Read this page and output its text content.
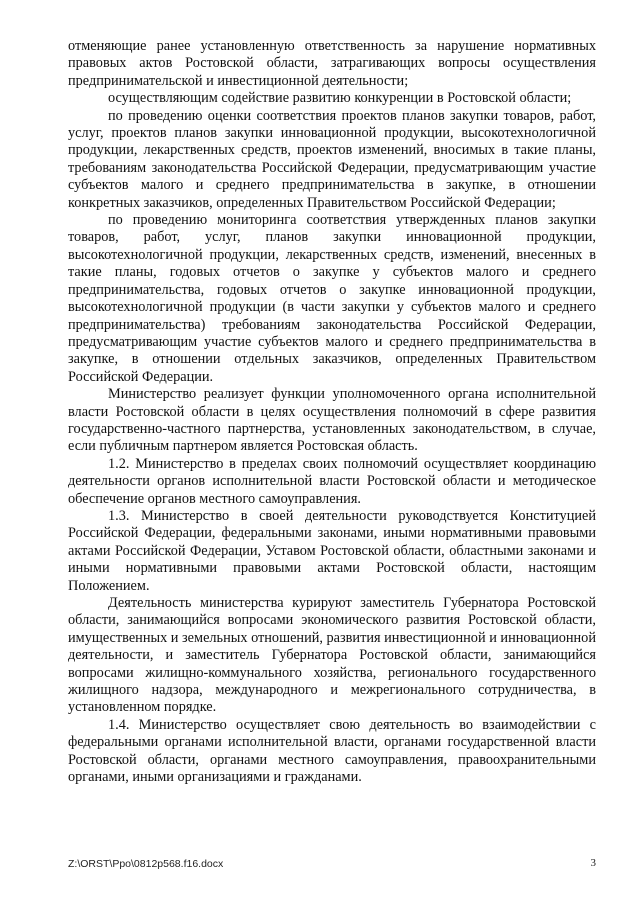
отменяющие ранее установленную ответственность за нарушение нормативных правовых актов Ростовской области, затрагивающих вопросы осуществления предпринимательской и инвестиционной деятельности;

осуществляющим содействие развитию конкуренции в Ростовской области;

по проведению оценки соответствия проектов планов закупки товаров, работ, услуг, проектов планов закупки инновационной продукции, высокотехнологичной продукции, лекарственных средств, проектов изменений, вносимых в такие планы, требованиям законодательства Российской Федерации, предусматривающим участие субъектов малого и среднего предпринимательства в закупке, в отношении конкретных заказчиков, определенных Правительством Российской Федерации;

по проведению мониторинга соответствия утвержденных планов закупки товаров, работ, услуг, планов закупки инновационной продукции, высокотехнологичной продукции, лекарственных средств, изменений, внесенных в такие планы, годовых отчетов о закупке у субъектов малого и среднего предпринимательства, годовых отчетов о закупке инновационной продукции, высокотехнологичной продукции (в части закупки у субъектов малого и среднего предпринимательства) требованиям законодательства Российской Федерации, предусматривающим участие субъектов малого и среднего предпринимательства в закупке, в отношении отдельных заказчиков, определенных Правительством Российской Федерации.

Министерство реализует функции уполномоченного органа исполнительной власти Ростовской области в целях осуществления полномочий в сфере развития государственно-частного партнерства, установленных законодательством, в случае, если публичным партнером является Ростовская область.

1.2. Министерство в пределах своих полномочий осуществляет координацию деятельности органов исполнительной власти Ростовской области и методическое обеспечение органов местного самоуправления.

1.3. Министерство в своей деятельности руководствуется Конституцией Российской Федерации, федеральными законами, иными нормативными правовыми актами Российской Федерации, Уставом Ростовской области, областными законами и иными нормативными правовыми актами Ростовской области, настоящим Положением.

Деятельность министерства курируют заместитель Губернатора Ростовской области, занимающийся вопросами экономического развития Ростовской области, имущественных и земельных отношений, развития инвестиционной и инновационной деятельности, и заместитель Губернатора Ростовской области, занимающийся вопросами жилищно-коммунального хозяйства, регионального государственного жилищного надзора, международного и межрегионального сотрудничества, в установленном порядке.

1.4. Министерство осуществляет свою деятельность во взаимодействии с федеральными органами исполнительной власти, органами государственной власти Ростовской области, органами местного самоуправления, правоохранительными органами, иными организациями и гражданами.

Z:\ORST\Ppo\0812p568.f16.docx	3
